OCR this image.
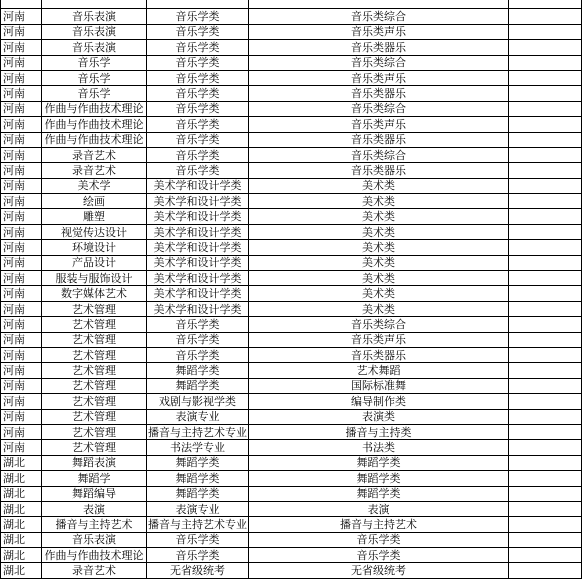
河南	音乐表演	音乐学类	音乐类综合	
河南	音乐表演	音乐学类	音乐类声乐	
河南	音乐表演	音乐学类	音乐类器乐	
河南	音乐学	音乐学类	音乐类综合	
河南	音乐学	音乐学类	音乐类声乐	
河南	音乐学	音乐学类	音乐类器乐	
河南	作曲与作曲技术理论	音乐学类	音乐类综合	
河南	作曲与作曲技术理论	音乐学类	音乐类声乐	
河南	作曲与作曲技术理论	音乐学类	音乐类器乐	
河南	录音艺术	音乐学类	音乐类综合	
河南	录音艺术	音乐学类	音乐类器乐	
河南	美术学	美术学和设计学类	美术类	
河南	绘画	美术学和设计学类	美术类	
河南	雕塑	美术学和设计学类	美术类	
河南	视觉传达设计	美术学和设计学类	美术类	
河南	环境设计	美术学和设计学类	美术类	
河南	产品设计	美术学和设计学类	美术类	
河南	服装与服饰设计	美术学和设计学类	美术类	
河南	数字媒体艺术	美术学和设计学类	美术类	
河南	艺术管理	美术学和设计学类	美术类	
河南	艺术管理	音乐学类	音乐类综合	
河南	艺术管理	音乐学类	音乐类声乐	
河南	艺术管理	音乐学类	音乐类器乐	
河南	艺术管理	舞蹈学类	艺术舞蹈	
河南	艺术管理	舞蹈学类	国际标准舞	
河南	艺术管理	戏剧与影视学类	编导制作类	
河南	艺术管理	表演专业	表演类	
河南	艺术管理	播音与主持艺术专业	播音与主持类	
河南	艺术管理	书法学专业	书法类	
湖北	舞蹈表演	舞蹈学类	舞蹈学类	
湖北	舞蹈学	舞蹈学类	舞蹈学类	
湖北	舞蹈编导	舞蹈学类	舞蹈学类	
湖北	表演	表演专业	表演	
湖北	播音与主持艺术	播音与主持艺术专业	播音与主持艺术	
湖北	音乐表演	音乐学类	音乐学类	
湖北	作曲与作曲技术理论	音乐学类	音乐学类	
湖北	录音艺术	无省级统考	无省级统考	
